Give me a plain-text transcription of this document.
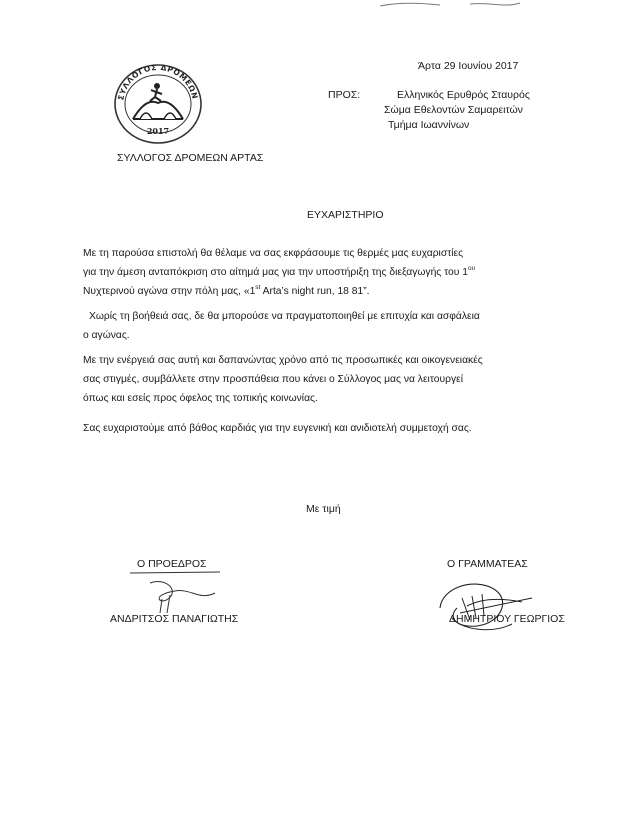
ΣΥΛΛΟΓΟΣ ΔΡΟΜΕΩΝ
2017
Άρτα 29 Ιουνίου 2017
ΠΡΟΣ:	Ελληνικός Ερυθρός Σταυρός
Σώμα Εθελοντών Σαμαρειτών
Τμήμα Ιωαννίνων
ΣΥΛΛΟΓΟΣ ΔΡΟΜΕΩΝ ΑΡΤΑΣ
ΕΥΧΑΡΙΣΤΗΡΙΟ

Με τη παρούσα επιστολή θα θέλαμε να σας εκφράσουμε τις θερμές μας ευχαριστίες

για την άμεση ανταπόκριση στο αίτημά μας για την υποστήριξη της διεξαγωγής του $1^{o\upsilon}$

Νυχτερινού αγώνα στην πόλη μας, «1st Arta’s night run, 18 81”.

Χωρίς τη βοήθειά σας, δε θα μπορούσε να πραγματοποιηθεί με επιτυχία και ασφάλεια

ο αγώνας.

Με την ενέργειά σας αυτή και δαπανώντας χρόνο από τις προσωπικές και οικογενειακές

σας στιγμές, συμβάλλετε στην προσπάθεια που κάνει ο Σύλλογος μας να λειτουργεί

όπως και εσείς προς όφελος της τοπικής κοινωνίας.

Σας ευχαριστούμε από βάθος καρδιάς για την ευγενική και ανιδιοτελή συμμετοχή σας.

Με τιμή
Ο ΠΡΟΕΔΡΟΣ
ΑΝΔΡΙΤΣΟΣ ΠΑΝΑΓΙΩΤΗΣ
Ο ΓΡΑΜΜΑΤΕΑΣ
ΔΗΜΗΤΡΙΟΥ ΓΕΩΡΓΙΟΣ
